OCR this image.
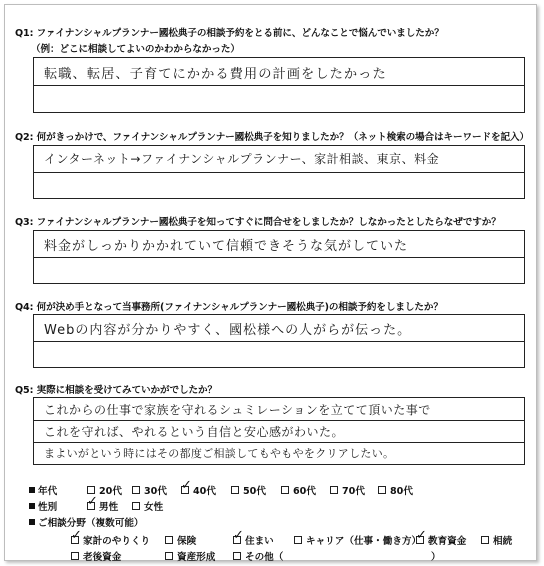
Q1: ファイナンシャルプランナー國松典子の相談予約をとる前に、どんなことで悩んでいましたか？
（例：どこに相談してよいのかわからなかった）
転職、転居、子育てにかかる費用の計画をしたかった
Q2: 何がきっかけで、ファイナンシャルプランナー國松典子を知りましたか？（ネット検索の場合はキーワードを記入）
インターネット→ファイナンシャルプランナー、家計相談、東京、料金
Q3: ファイナンシャルプランナー國松典子を知ってすぐに問合せをしましたか？しなかったとしたらなぜですか？
料金がしっかりかかれていて信頼できそうな気がしていた
Q4: 何が決め手となって当事務所(ファイナンシャルプランナー國松典子)の相談予約をしましたか？
Webの内容が分かりやすく、國松様への人がらが伝った。
Q5: 実際に相談を受けてみていかがでしたか？
これからの仕事で家族を守れるシュミレーションを立てて頂いた事で
これを守れば、やれるという自信と安心感がわいた。
まよいがという時にはその都度ご相談してもやもやをクリアしたい。
年代	20代 30代 ✓	40代	50代	60代	70代	80代
性別 ✓	男性	女性
ご相談分野（複数可能）
✓
家計のやりくり	保険 ✓	住まい	キャリア（仕事・働き方） ✓ 教育資金	相続
老後資金	資産形成	その他（	）
